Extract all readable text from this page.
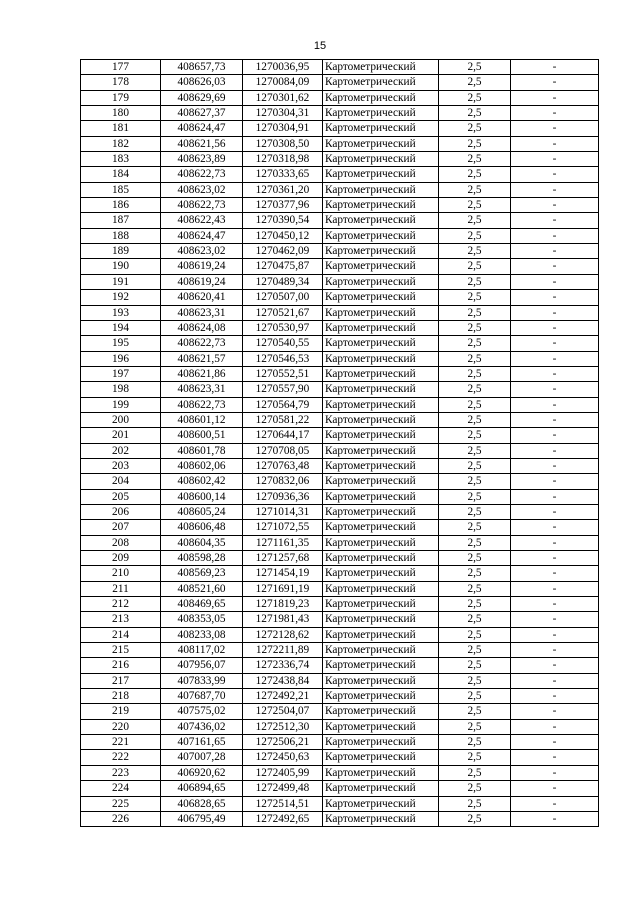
15
177	408657,73	1270036,95	Картометрический	2,5	-
178	408626,03	1270084,09	Картометрический	2,5	-
179	408629,69	1270301,62	Картометрический	2,5	-
180	408627,37	1270304,31	Картометрический	2,5	-
181	408624,47	1270304,91	Картометрический	2,5	-
182	408621,56	1270308,50	Картометрический	2,5	-
183	408623,89	1270318,98	Картометрический	2,5	-
184	408622,73	1270333,65	Картометрический	2,5	-
185	408623,02	1270361,20	Картометрический	2,5	-
186	408622,73	1270377,96	Картометрический	2,5	-
187	408622,43	1270390,54	Картометрический	2,5	-
188	408624,47	1270450,12	Картометрический	2,5	-
189	408623,02	1270462,09	Картометрический	2,5	-
190	408619,24	1270475,87	Картометрический	2,5	-
191	408619,24	1270489,34	Картометрический	2,5	-
192	408620,41	1270507,00	Картометрический	2,5	-
193	408623,31	1270521,67	Картометрический	2,5	-
194	408624,08	1270530,97	Картометрический	2,5	-
195	408622,73	1270540,55	Картометрический	2,5	-
196	408621,57	1270546,53	Картометрический	2,5	-
197	408621,86	1270552,51	Картометрический	2,5	-
198	408623,31	1270557,90	Картометрический	2,5	-
199	408622,73	1270564,79	Картометрический	2,5	-
200	408601,12	1270581,22	Картометрический	2,5	-
201	408600,51	1270644,17	Картометрический	2,5	-
202	408601,78	1270708,05	Картометрический	2,5	-
203	408602,06	1270763,48	Картометрический	2,5	-
204	408602,42	1270832,06	Картометрический	2,5	-
205	408600,14	1270936,36	Картометрический	2,5	-
206	408605,24	1271014,31	Картометрический	2,5	-
207	408606,48	1271072,55	Картометрический	2,5	-
208	408604,35	1271161,35	Картометрический	2,5	-
209	408598,28	1271257,68	Картометрический	2,5	-
210	408569,23	1271454,19	Картометрический	2,5	-
211	408521,60	1271691,19	Картометрический	2,5	-
212	408469,65	1271819,23	Картометрический	2,5	-
213	408353,05	1271981,43	Картометрический	2,5	-
214	408233,08	1272128,62	Картометрический	2,5	-
215	408117,02	1272211,89	Картометрический	2,5	-
216	407956,07	1272336,74	Картометрический	2,5	-
217	407833,99	1272438,84	Картометрический	2,5	-
218	407687,70	1272492,21	Картометрический	2,5	-
219	407575,02	1272504,07	Картометрический	2,5	-
220	407436,02	1272512,30	Картометрический	2,5	-
221	407161,65	1272506,21	Картометрический	2,5	-
222	407007,28	1272450,63	Картометрический	2,5	-
223	406920,62	1272405,99	Картометрический	2,5	-
224	406894,65	1272499,48	Картометрический	2,5	-
225	406828,65	1272514,51	Картометрический	2,5	-
226	406795,49	1272492,65	Картометрический	2,5	-
